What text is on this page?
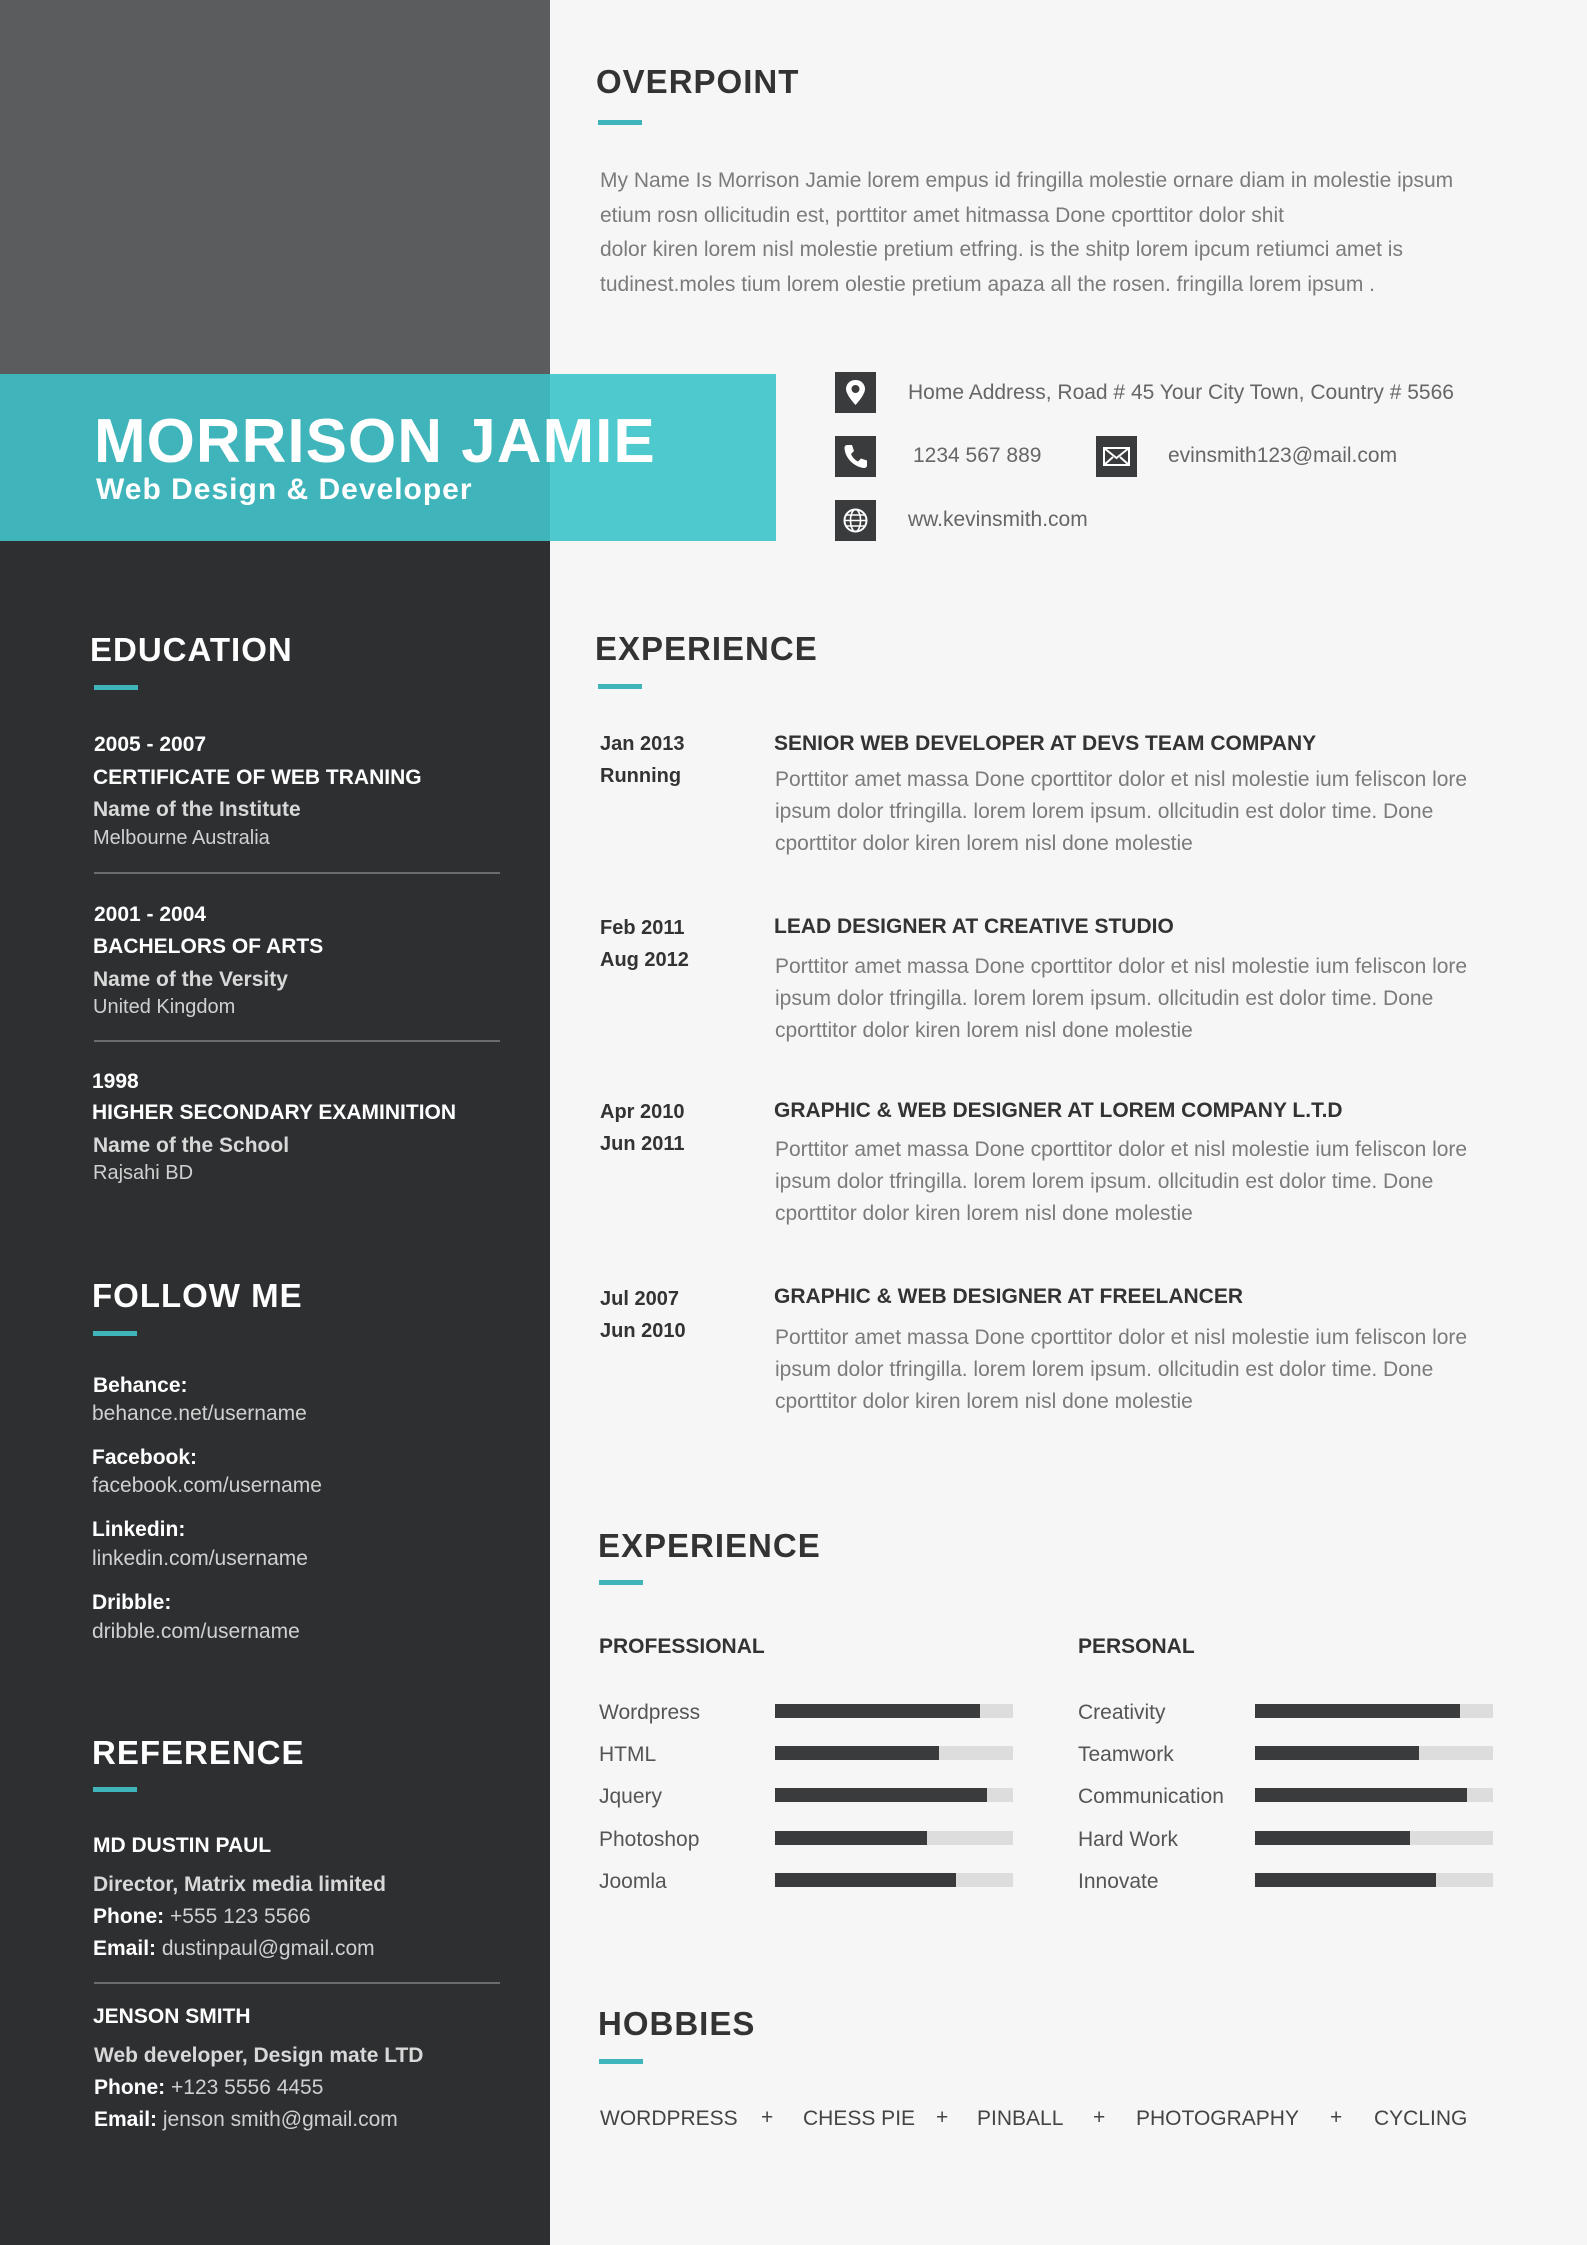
MORRISON JAMIE
Web Design & Developer
OVERPOINT
My Name Is Morrison Jamie lorem empus id fringilla molestie ornare diam in molestie ipsum
etium rosn ollicitudin est, porttitor amet hitmassa Done cporttitor dolor shit
dolor kiren lorem nisl molestie pretium etfring. is the shitp lorem ipcum retiumci amet is
tudinest.moles tium lorem olestie pretium apaza all the rosen. fringilla lorem ipsum .
Home Address, Road # 45 Your City Town, Country # 5566
1234 567 889	evinsmith123@mail.com
ww.kevinsmith.com
EDUCATION
2005 - 2007
CERTIFICATE OF WEB TRANING
Name of the Institute
Melbourne Australia
2001 - 2004
BACHELORS OF ARTS
Name of the Versity
United Kingdom
1998
HIGHER SECONDARY EXAMINITION
Name of the School
Rajsahi BD
FOLLOW ME
Behance:
behance.net/username
Facebook:
facebook.com/username
Linkedin:
linkedin.com/username
Dribble:
dribble.com/username
REFERENCE
MD DUSTIN PAUL
Director, Matrix media limited
Phone: +555 123 5566
Email: dustinpaul@gmail.com
JENSON SMITH
Web developer, Design mate LTD
Phone: +123 5556 4455
Email: jenson smith@gmail.com
EXPERIENCE
Jan 2013
Running
SENIOR WEB DEVELOPER AT DEVS TEAM COMPANY
Porttitor amet massa Done cporttitor dolor et nisl molestie ium feliscon lore
ipsum dolor tfringilla. lorem lorem ipsum. ollcitudin est dolor time. Done
cporttitor dolor kiren lorem nisl done molestie
Feb 2011
Aug 2012
LEAD DESIGNER AT CREATIVE STUDIO
Porttitor amet massa Done cporttitor dolor et nisl molestie ium feliscon lore
ipsum dolor tfringilla. lorem lorem ipsum. ollcitudin est dolor time. Done
cporttitor dolor kiren lorem nisl done molestie
Apr 2010
Jun 2011
GRAPHIC & WEB DESIGNER AT LOREM COMPANY L.T.D
Porttitor amet massa Done cporttitor dolor et nisl molestie ium feliscon lore
ipsum dolor tfringilla. lorem lorem ipsum. ollcitudin est dolor time. Done
cporttitor dolor kiren lorem nisl done molestie
Jul 2007
Jun 2010
GRAPHIC & WEB DESIGNER AT FREELANCER
Porttitor amet massa Done cporttitor dolor et nisl molestie ium feliscon lore
ipsum dolor tfringilla. lorem lorem ipsum. ollcitudin est dolor time. Done
cporttitor dolor kiren lorem nisl done molestie
EXPERIENCE
PROFESSIONAL	PERSONAL
Wordpress
HTML
Jquery
Photoshop
Joomla
Creativity
Teamwork
Communication
Hard Work
Innovate
HOBBIES
WORDPRESS + CHESS PIE + PINBALL + PHOTOGRAPHY + CYCLING
